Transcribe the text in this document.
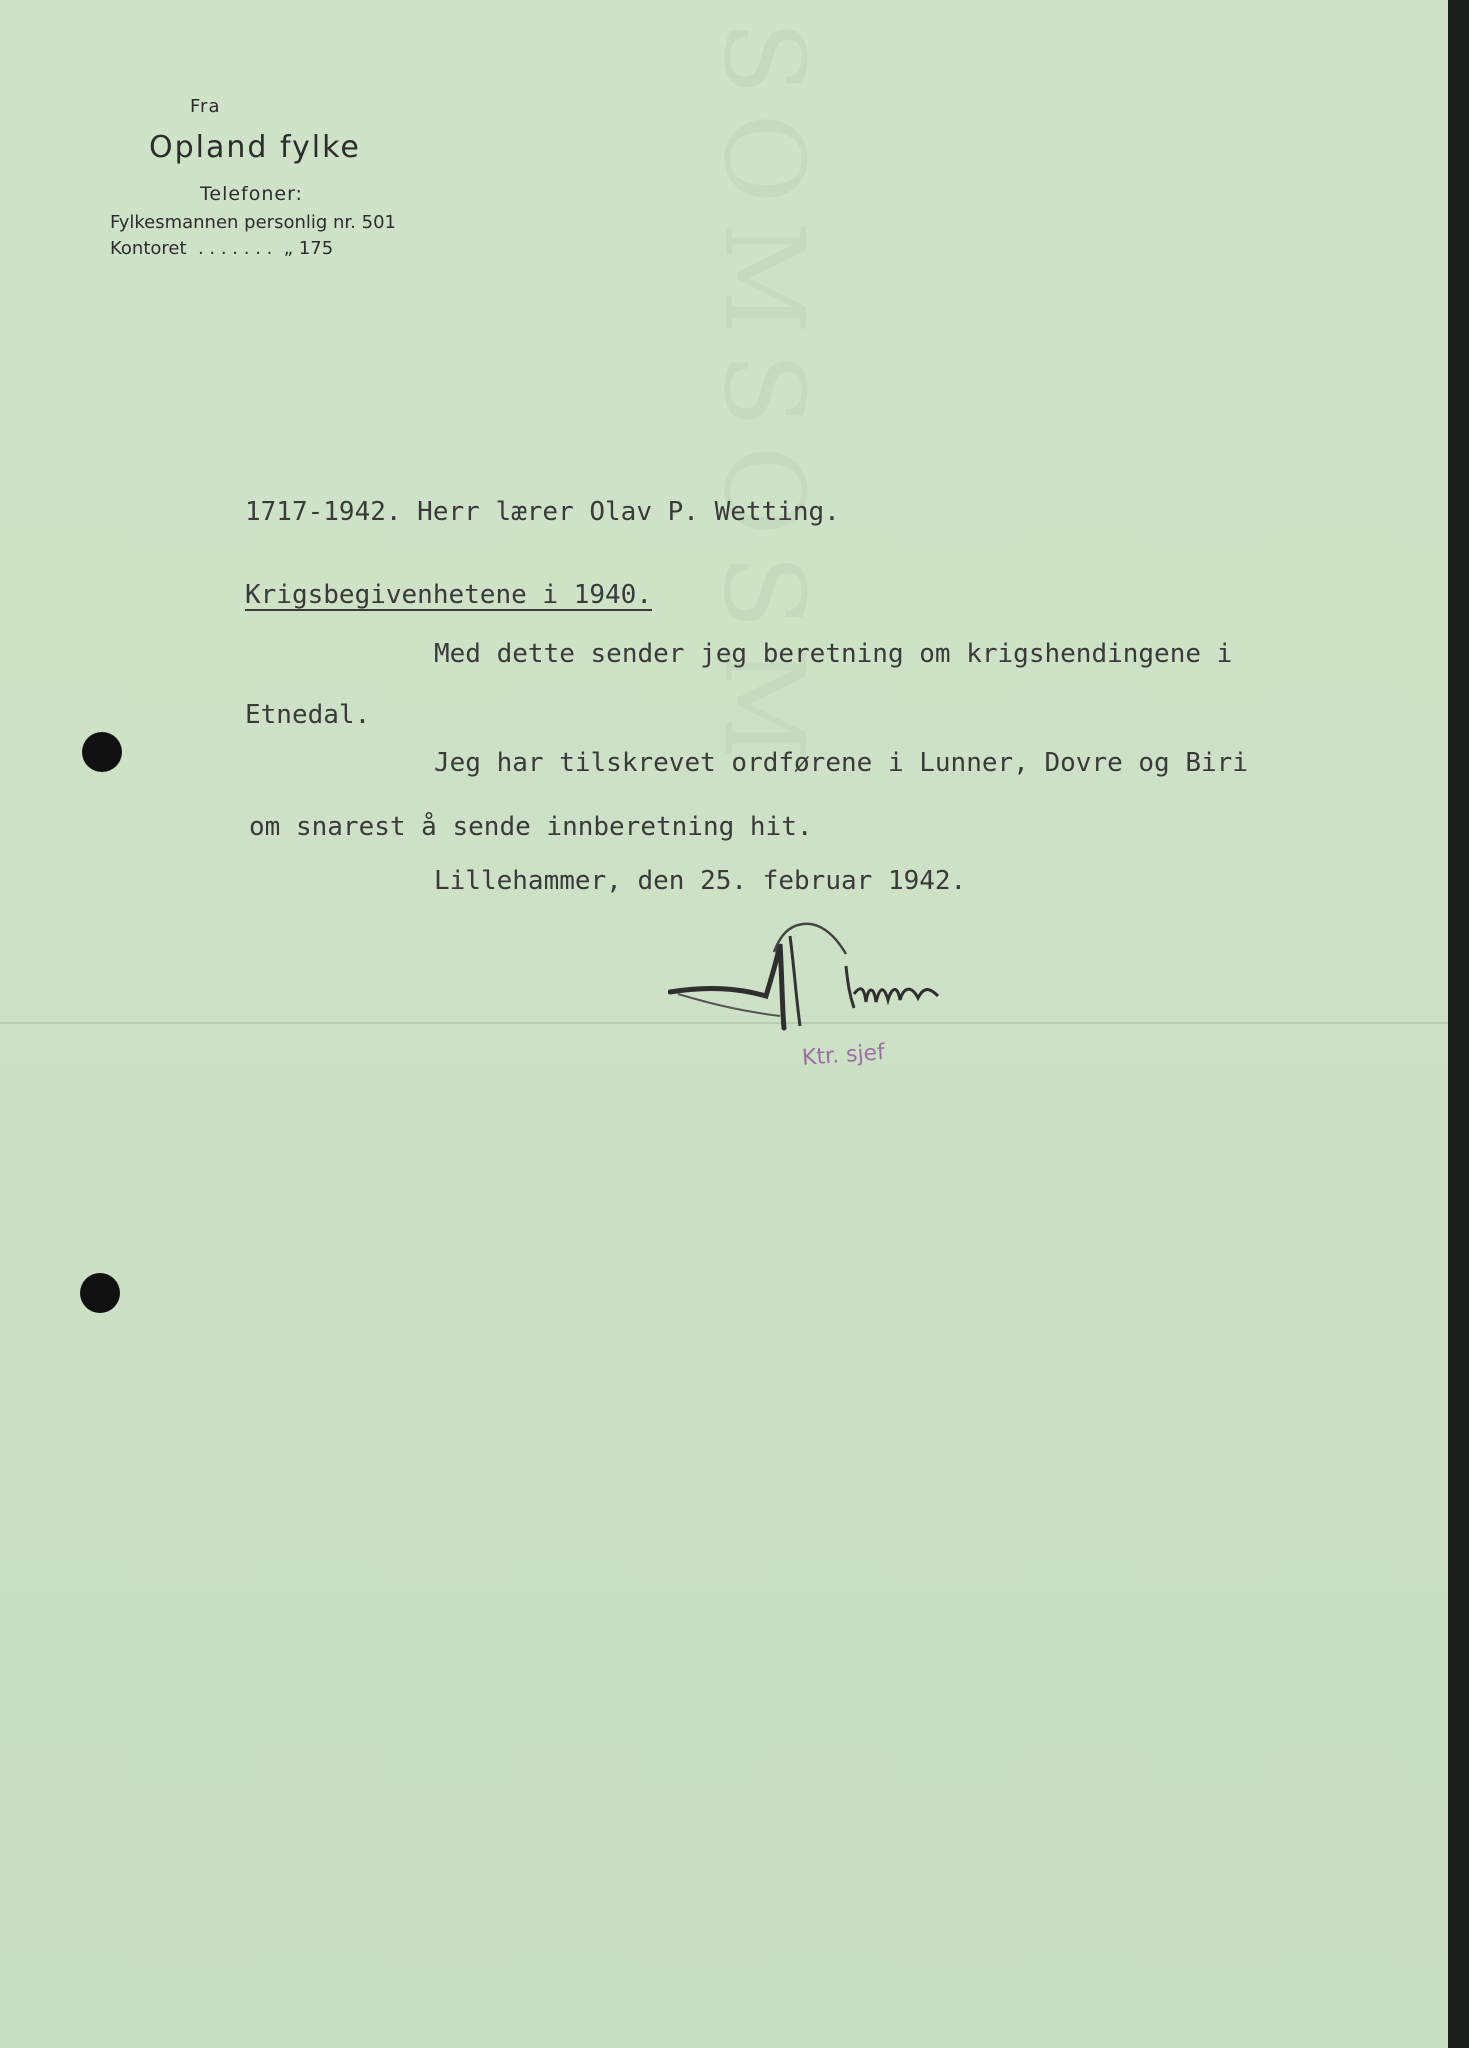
SOMSOSM
Fra
Opland fylke
Telefoner:
Fylkesmannen personlig nr. 501
Kontoret  . . . . . . .  „ 175
1717-1942. Herr lærer Olav P. Wetting.
Krigsbegivenhetene i 1940.
Med dette sender jeg beretning om krigshendingene i
Etnedal.
Jeg har tilskrevet ordførene i Lunner, Dovre og Biri
om snarest å sende innberetning hit.
Lillehammer, den 25. februar 1942.
Ktr. sjef
